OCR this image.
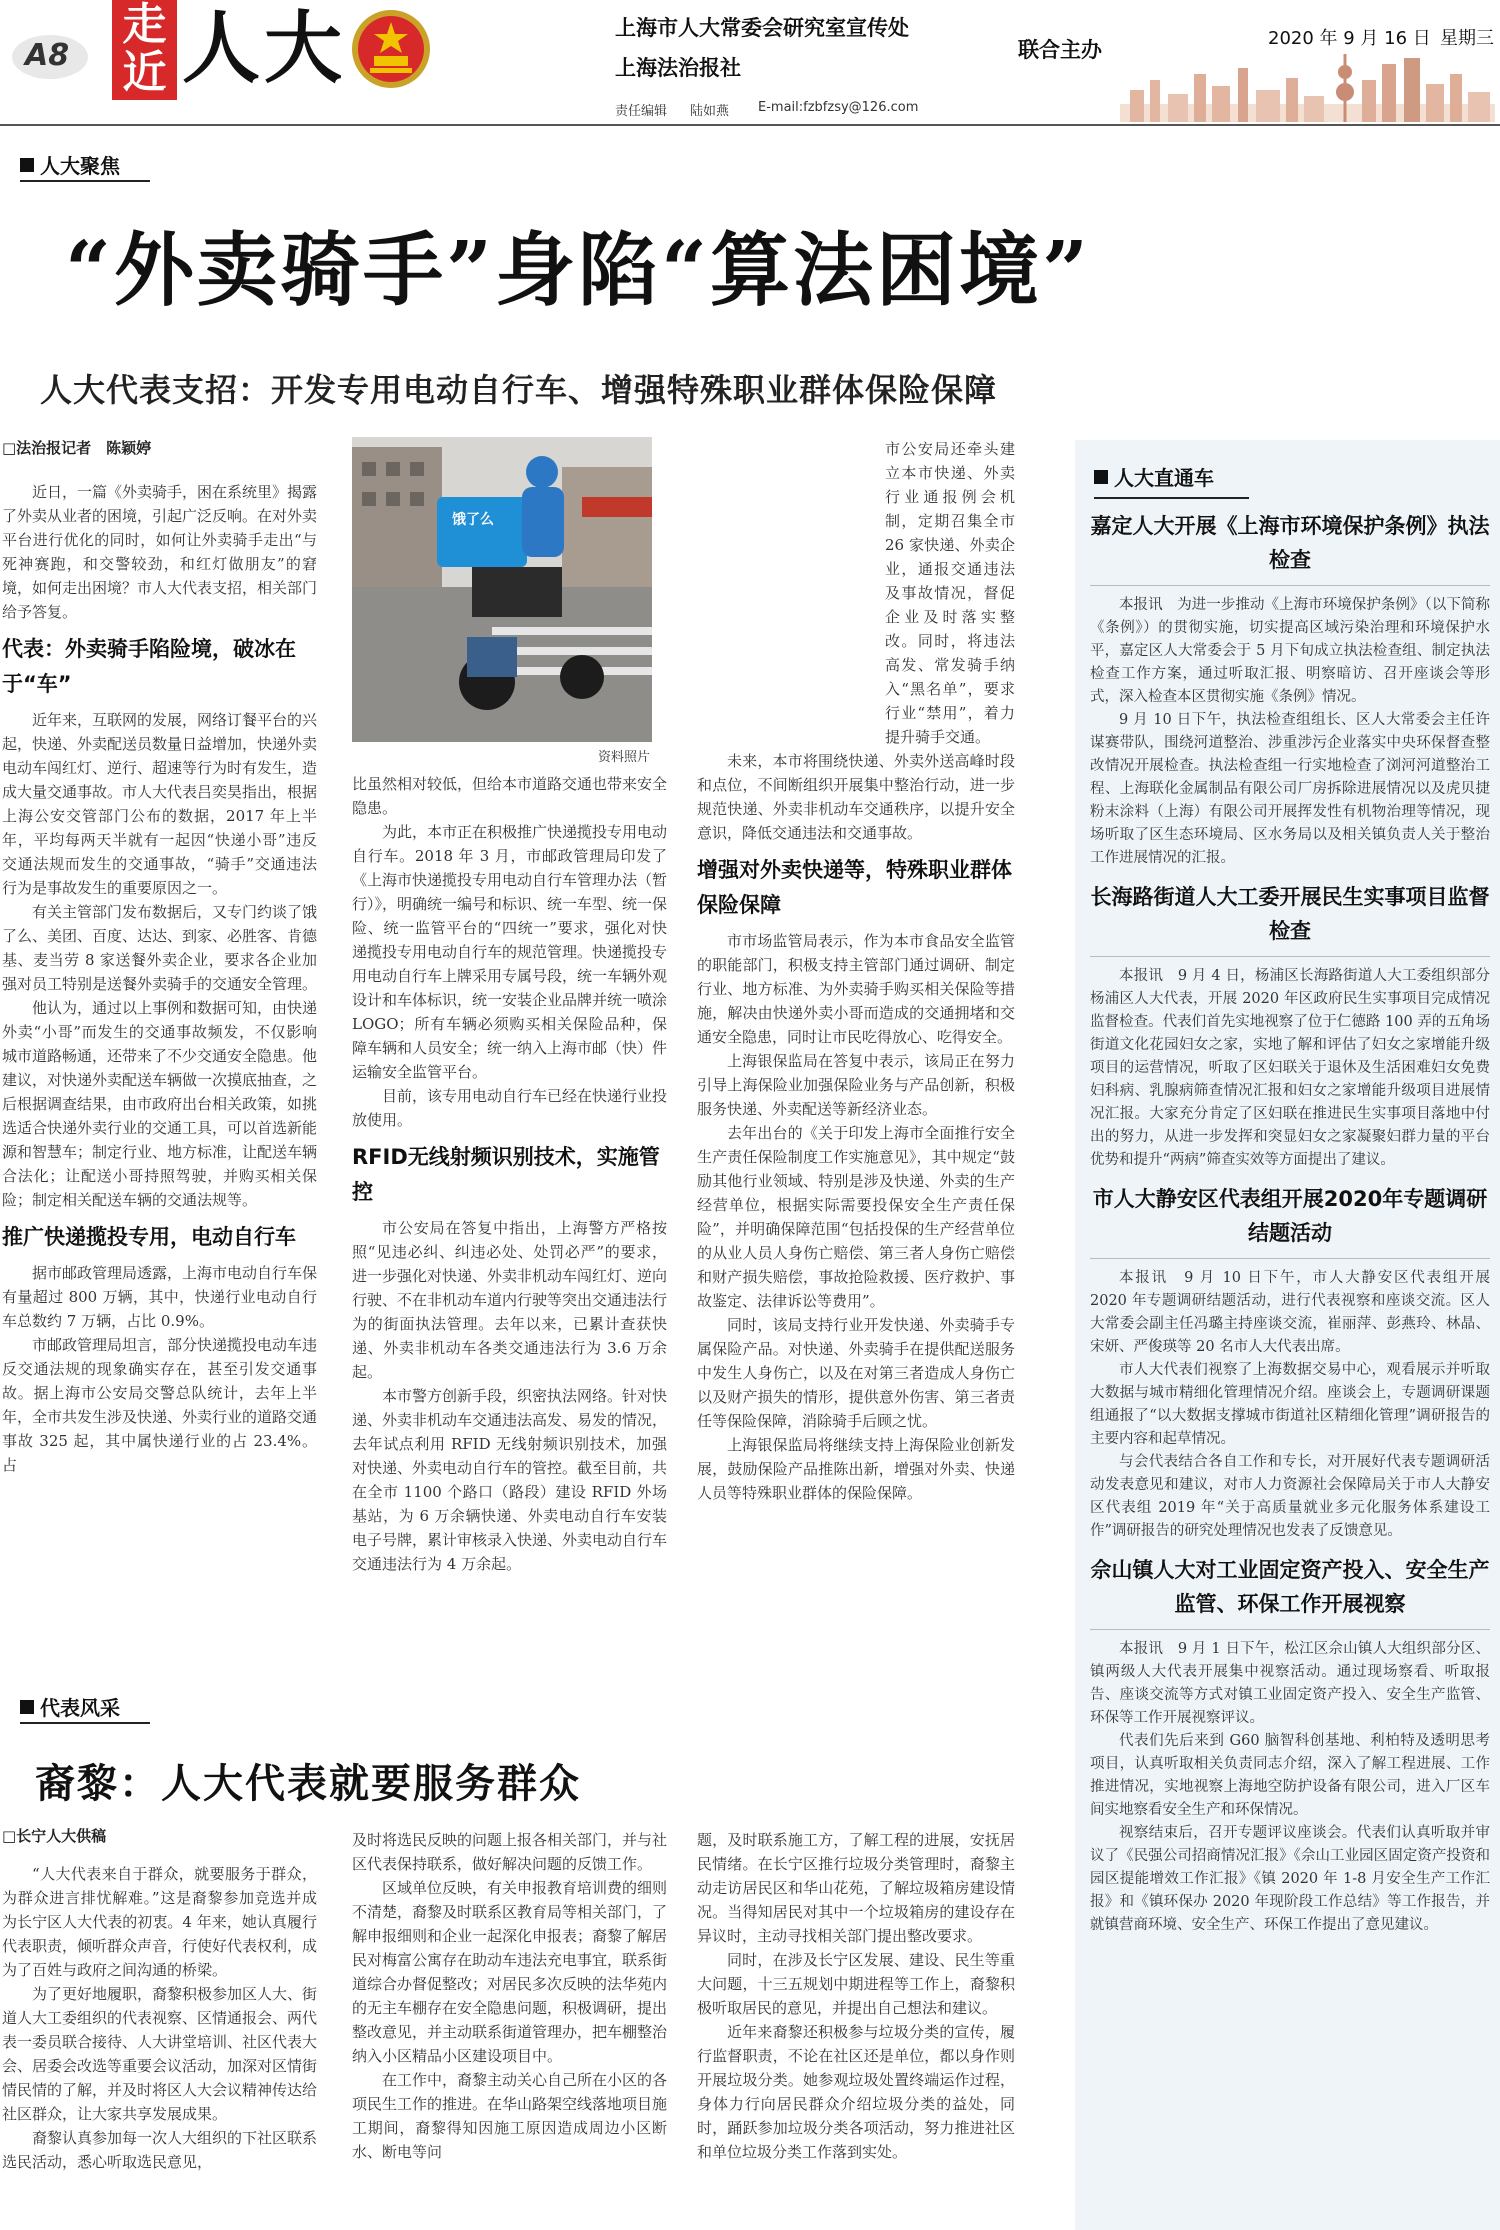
A8
走
近 人大	上海市人大常委会研究室宣传处
上海法治报社
联合主办
责任编辑 陆如燕 E-mail:fzbfzsy@126.com
2020 年 9 月 16 日 星期三
人大聚焦
“外卖骑手”身陷“算法困境”
人大代表支招：开发专用电动自行车、增强特殊职业群体保险保障
□法治报记者　陈颖婷

近日，一篇《外卖骑手，困在系统里》揭露了外卖从业者的困境，引起广泛反响。在对外卖平台进行优化的同时，如何让外卖骑手走出“与死神赛跑，和交警较劲，和红灯做朋友”的窘境，如何走出困境？市人大代表支招，相关部门给予答复。

代表：外卖骑手陷险境，破冰在于“车”

近年来，互联网的发展，网络订餐平台的兴起，快递、外卖配送员数量日益增加，快递外卖电动车闯红灯、逆行、超速等行为时有发生，造成大量交通事故。市人大代表吕奕昊指出，根据上海公安交管部门公布的数据，2017 年上半年，平均每两天半就有一起因“快递小哥”违反交通法规而发生的交通事故，“骑手”交通违法行为是事故发生的重要原因之一。

有关主管部门发布数据后，又专门约谈了饿了么、美团、百度、达达、到家、必胜客、肯德基、麦当劳 8 家送餐外卖企业，要求各企业加强对员工特别是送餐外卖骑手的交通安全管理。

他认为，通过以上事例和数据可知，由快递外卖“小哥”而发生的交通事故频发，不仅影响城市道路畅通，还带来了不少交通安全隐患。他建议，对快递外卖配送车辆做一次摸底抽查，之后根据调查结果，由市政府出台相关政策，如挑选适合快递外卖行业的交通工具，可以首选新能源和智慧车；制定行业、地方标准，让配送车辆合法化；让配送小哥持照驾驶，并购买相关保险；制定相关配送车辆的交通法规等。

推广快递揽投专用，电动自行车

据市邮政管理局透露，上海市电动自行车保有量超过 800 万辆，其中，快递行业电动自行车总数约 7 万辆，占比 0.9%。

市邮政管理局坦言，部分快递揽投电动车违反交通法规的现象确实存在，甚至引发交通事故。据上海市公安局交警总队统计，去年上半年，全市共发生涉及快递、外卖行业的道路交通事故 325 起，其中属快递行业的占 23.4%。占

饿了么
资料照片

比虽然相对较低，但给本市道路交通也带来安全隐患。

为此，本市正在积极推广快递揽投专用电动自行车。2018 年 3 月，市邮政管理局印发了《上海市快递揽投专用电动自行车管理办法（暂行）》，明确统一编号和标识、统一车型、统一保险、统一监管平台的“四统一”要求，强化对快递揽投专用电动自行车的规范管理。快递揽投专用电动自行车上牌采用专属号段，统一车辆外观设计和车体标识，统一安装企业品牌并统一喷涂 LOGO；所有车辆必须购买相关保险品种，保障车辆和人员安全；统一纳入上海市邮（快）件运输安全监管平台。

目前，该专用电动自行车已经在快递行业投放使用。

RFID无线射频识别技术，实施管控

市公安局在答复中指出，上海警方严格按照“见违必纠、纠违必处、处罚必严”的要求，进一步强化对快递、外卖非机动车闯红灯、逆向行驶、不在非机动车道内行驶等突出交通违法行为的街面执法管理。去年以来，已累计查获快递、外卖非机动车各类交通违法行为 3.6 万余起。

本市警方创新手段，织密执法网络。针对快递、外卖非机动车交通违法高发、易发的情况，去年试点利用 RFID 无线射频识别技术，加强对快递、外卖电动自行车的管控。截至目前，共在全市 1100 个路口（路段）建设 RFID 外场基站，为 6 万余辆快递、外卖电动自行车安装电子号牌，累计审核录入快递、外卖电动自行车交通违法行为 4 万余起。

市公安局还牵头建立本市快递、外卖行业通报例会机制，定期召集全市 26 家快递、外卖企业，通报交通违法及事故情况，督促企业及时落实整改。同时，将违法高发、常发骑手纳入“黑名单”，要求行业“禁用”，着力提升骑手交通。

未来，本市将围绕快递、外卖外送高峰时段和点位，不间断组织开展集中整治行动，进一步规范快递、外卖非机动车交通秩序，以提升安全意识，降低交通违法和交通事故。

增强对外卖快递等，特殊职业群体保险保障

市市场监管局表示，作为本市食品安全监管的职能部门，积极支持主管部门通过调研、制定行业、地方标准、为外卖骑手购买相关保险等措施，解决由快递外卖小哥而造成的交通拥堵和交通安全隐患，同时让市民吃得放心、吃得安全。

上海银保监局在答复中表示，该局正在努力引导上海保险业加强保险业务与产品创新，积极服务快递、外卖配送等新经济业态。

去年出台的《关于印发上海市全面推行安全生产责任保险制度工作实施意见》，其中规定“鼓励其他行业领域、特别是涉及快递、外卖的生产经营单位，根据实际需要投保安全生产责任保险”，并明确保障范围“包括投保的生产经营单位的从业人员人身伤亡赔偿、第三者人身伤亡赔偿和财产损失赔偿，事故抢险救援、医疗救护、事故鉴定、法律诉讼等费用”。

同时，该局支持行业开发快递、外卖骑手专属保险产品。对快递、外卖骑手在提供配送服务中发生人身伤亡，以及在对第三者造成人身伤亡以及财产损失的情形，提供意外伤害、第三者责任等保险保障，消除骑手后顾之忧。

上海银保监局将继续支持上海保险业创新发展，鼓励保险产品推陈出新，增强对外卖、快递人员等特殊职业群体的保险保障。

人大直通车
嘉定人大开展《上海市环境保护条例》执法检查

本报讯　为进一步推动《上海市环境保护条例》（以下简称《条例》）的贯彻实施，切实提高区域污染治理和环境保护水平，嘉定区人大常委会于 5 月下旬成立执法检查组、制定执法检查工作方案，通过听取汇报、明察暗访、召开座谈会等形式，深入检查本区贯彻实施《条例》情况。

9 月 10 日下午，执法检查组组长、区人大常委会主任许谋赛带队，围绕河道整治、涉重涉污企业落实中央环保督查整改情况开展检查。执法检查组一行实地检查了浏河河道整治工程、上海联化金属制品有限公司厂房拆除进展情况以及虎贝捷粉末涂料（上海）有限公司开展挥发性有机物治理等情况，现场听取了区生态环境局、区水务局以及相关镇负责人关于整治工作进展情况的汇报。

长海路街道人大工委开展民生实事项目监督检查

本报讯　9 月 4 日，杨浦区长海路街道人大工委组织部分杨浦区人大代表，开展 2020 年区政府民生实事项目完成情况监督检查。代表们首先实地视察了位于仁德路 100 弄的五角场街道文化花园妇女之家，实地了解和评估了妇女之家增能升级项目的运营情况，听取了区妇联关于退休及生活困难妇女免费妇科病、乳腺病筛查情况汇报和妇女之家增能升级项目进展情况汇报。大家充分肯定了区妇联在推进民生实事项目落地中付出的努力，从进一步发挥和突显妇女之家凝聚妇群力量的平台优势和提升“两病”筛查实效等方面提出了建议。

市人大静安区代表组开展2020年专题调研结题活动

本报讯　9 月 10 日下午，市人大静安区代表组开展 2020 年专题调研结题活动，进行代表视察和座谈交流。区人大常委会副主任冯璐主持座谈交流，崔丽萍、彭燕玲、林晶、宋妍、严俊瑛等 20 名市人大代表出席。

市人大代表们视察了上海数据交易中心，观看展示并听取大数据与城市精细化管理情况介绍。座谈会上，专题调研课题组通报了“以大数据支撑城市街道社区精细化管理”调研报告的主要内容和起草情况。

与会代表结合各自工作和专长，对开展好代表专题调研活动发表意见和建议，对市人力资源社会保障局关于市人大静安区代表组 2019 年“关于高质量就业多元化服务体系建设工作”调研报告的研究处理情况也发表了反馈意见。

佘山镇人大对工业固定资产投入、安全生产监管、环保工作开展视察

本报讯　9 月 1 日下午，松江区佘山镇人大组织部分区、镇两级人大代表开展集中视察活动。通过现场察看、听取报告、座谈交流等方式对镇工业固定资产投入、安全生产监管、环保等工作开展视察评议。

代表们先后来到 G60 脑智科创基地、利柏特及透明思考项目，认真听取相关负责同志介绍，深入了解工程进展、工作推进情况，实地视察上海地空防护设备有限公司，进入厂区车间实地察看安全生产和环保情况。

视察结束后，召开专题评议座谈会。代表们认真听取并审议了《民强公司招商情况汇报》《佘山工业园区固定资产投资和园区提能增效工作汇报》《镇 2020 年 1-8 月安全生产工作汇报》和《镇环保办 2020 年现阶段工作总结》等工作报告，并就镇营商环境、安全生产、环保工作提出了意见建议。

代表风采
裔黎：人大代表就要服务群众
□长宁人大供稿

“人大代表来自于群众，就要服务于群众，为群众进言排忧解难。”这是裔黎参加竞选并成为长宁区人大代表的初衷。4 年来，她认真履行代表职责，倾听群众声音，行使好代表权利，成为了百姓与政府之间沟通的桥梁。

为了更好地履职，裔黎积极参加区人大、街道人大工委组织的代表视察、区情通报会、两代表一委员联合接待、人大讲堂培训、社区代表大会、居委会改选等重要会议活动，加深对区情街情民情的了解，并及时将区人大会议精神传达给社区群众，让大家共享发展成果。

裔黎认真参加每一次人大组织的下社区联系选民活动，悉心听取选民意见，

及时将选民反映的问题上报各相关部门，并与社区代表保持联系，做好解决问题的反馈工作。

区域单位反映，有关申报教育培训费的细则不清楚，裔黎及时联系区教育局等相关部门，了解申报细则和企业一起深化申报表；裔黎了解居民对梅富公寓存在助动车违法充电事宜，联系街道综合办督促整改；对居民多次反映的法华苑内的无主车棚存在安全隐患问题，积极调研，提出整改意见，并主动联系街道管理办，把车棚整治纳入小区精品小区建设项目中。

在工作中，裔黎主动关心自己所在小区的各项民生工作的推进。在华山路架空线落地项目施工期间，裔黎得知因施工原因造成周边小区断水、断电等问

题，及时联系施工方，了解工程的进展，安抚居民情绪。在长宁区推行垃圾分类管理时，裔黎主动走访居民区和华山花苑，了解垃圾箱房建设情况。当得知居民对其中一个垃圾箱房的建设存在异议时，主动寻找相关部门提出整改要求。

同时，在涉及长宁区发展、建设、民生等重大问题，十三五规划中期进程等工作上，裔黎积极听取居民的意见，并提出自己想法和建议。

近年来裔黎还积极参与垃圾分类的宣传，履行监督职责，不论在社区还是单位，都以身作则开展垃圾分类。她参观垃圾处置终端运作过程，身体力行向居民群众介绍垃圾分类的益处，同时，踊跃参加垃圾分类各项活动，努力推进社区和单位垃圾分类工作落到实处。
